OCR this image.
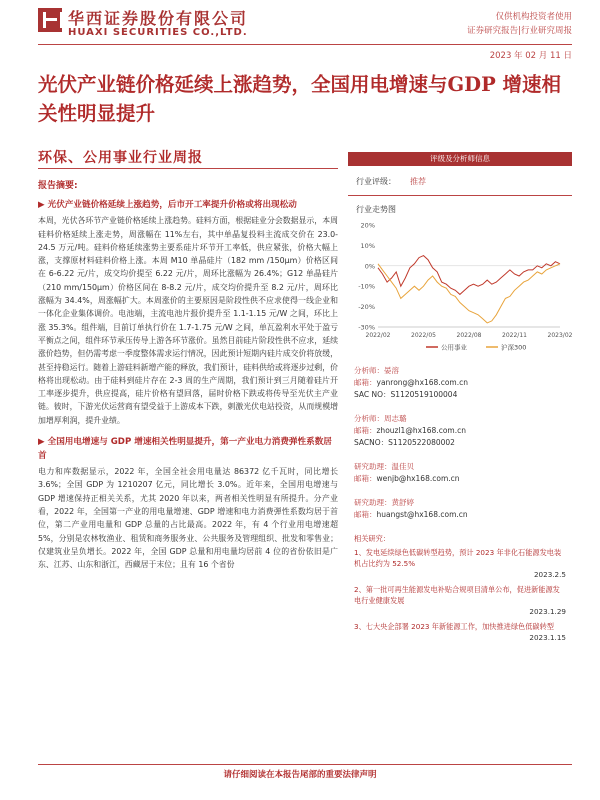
华西证券股份有限公司
HUAXI SECURITIES CO.,LTD.
仅供机构投资者使用
证券研究报告|行业研究周报
2023 年 02 月 11 日
光伏产业链价格延续上涨趋势，全国用电增速与GDP 增速相关性明显提升
环保、公用事业行业周报
报告摘要:
▶ 光伏产业链价格延续上涨趋势，后市开工率提升价格或将出现松动

本周，光伏各环节产业链价格延续上涨趋势。硅料方面，根据硅业分会数据显示，本周硅料价格延续上涨走势，周涨幅在 11%左右，其中单晶复投料主流成交价在 23.0-24.5 万元/吨。硅料价格延续涨势主要系硅片环节开工率低，供应紧张，价格大幅上涨，支撑原材料硅料价格上涨。本周 M10 单晶硅片（182 mm /150μm）价格区间在 6-6.22 元/片，成交均价提至 6.22 元/片，周环比涨幅为 26.4%；G12 单晶硅片（210 mm/150μm）价格区间在 8-8.2 元/片，成交均价提升至 8.2 元/片，周环比涨幅为 34.4%，周涨幅扩大。本周涨价的主要原因是阶段性供不应求使得一线企业和一体化企业集体调价。电池端，主流电池片报价提升至 1.1-1.15 元/W 之间，环比上涨 35.3%。组件端，目前订单执行价在 1.7-1.75 元/W 之间，单瓦盈利水平处于盈亏平衡点之间，组件环节承压传导上游各环节涨价。虽然目前硅片阶段性供不应求，延续涨价趋势，但仍需考虑一季度整体需求运行情况，因此预计短期内硅片成交价将放缓，甚至持稳运行。随着上游硅料新增产能的释放，我们预计，硅料供给或将逐步过剩，价格将出现松动。由于硅料到硅片存在 2-3 周的生产周期，我们预计到三月随着硅片开工率逐步提升，供应提高，硅片价格有望回落，届时价格下跌或将传导至光伏主产业链。彼时，下游光伏运营商有望受益于上游成本下跌，刺激光伏电站投资，从而规模增加增厚利润，提升业绩。

▶ 全国用电增速与 GDP 增速相关性明显提升，第一产业电力消费弹性系数居首

电力和库数据显示，2022 年，全国全社会用电量达 86372 亿千瓦时，同比增长 3.6%；全国 GDP 为 1210207 亿元，同比增长 3.0%。近年来，全国用电增速与 GDP 增速保持正相关关系，尤其 2020 年以来，两者相关性明显有所提升。分产业看，2022 年，全国第一产业的用电量增速、GDP 增速和电力消费弹性系数均居于首位，第二产业用电量和 GDP 总量的占比最高。2022 年，有 4 个行业用电增速超 5%，分别是农林牧渔业、租赁和商务服务业、公共服务及管理组织、批发和零售业；仅建筑业呈负增长。2022 年，全国 GDP 总量和用电量均居前 4 位的省份依旧是广东、江苏、山东和浙江，西藏居于末位；且有 16 个省份

评级及分析师信息
行业评级： 推荐
行业走势图
20%
10%
0%
-10%
-20%
-30%
2022/02	2022/05	2022/08	2022/11	2023/02
公用事业	沪深300
分析师：晏溶
邮箱：yanrong@hx168.com.cn
SAC NO：S1120519100004
分析师：周志璐
邮箱：zhouzl1@hx168.com.cn
SACNO：S1120522080002
研究助理：温佳贝
邮箱：wenjb@hx168.com.cn
研究助理：黄舒婷
邮箱：huangst@hx168.com.cn
相关研究：
1、发电延续绿色低碳转型趋势，预计 2023 年非化石能源发电装机占比约为 52.5%
2023.2.5
2、第一批可再生能源发电补贴合规项目清单公布，促进新能源发电行业健康发展
2023.1.29
3、七大央企部署 2023 年新能源工作，加快推进绿色低碳转型
2023.1.15
请仔细阅读在本报告尾部的重要法律声明
